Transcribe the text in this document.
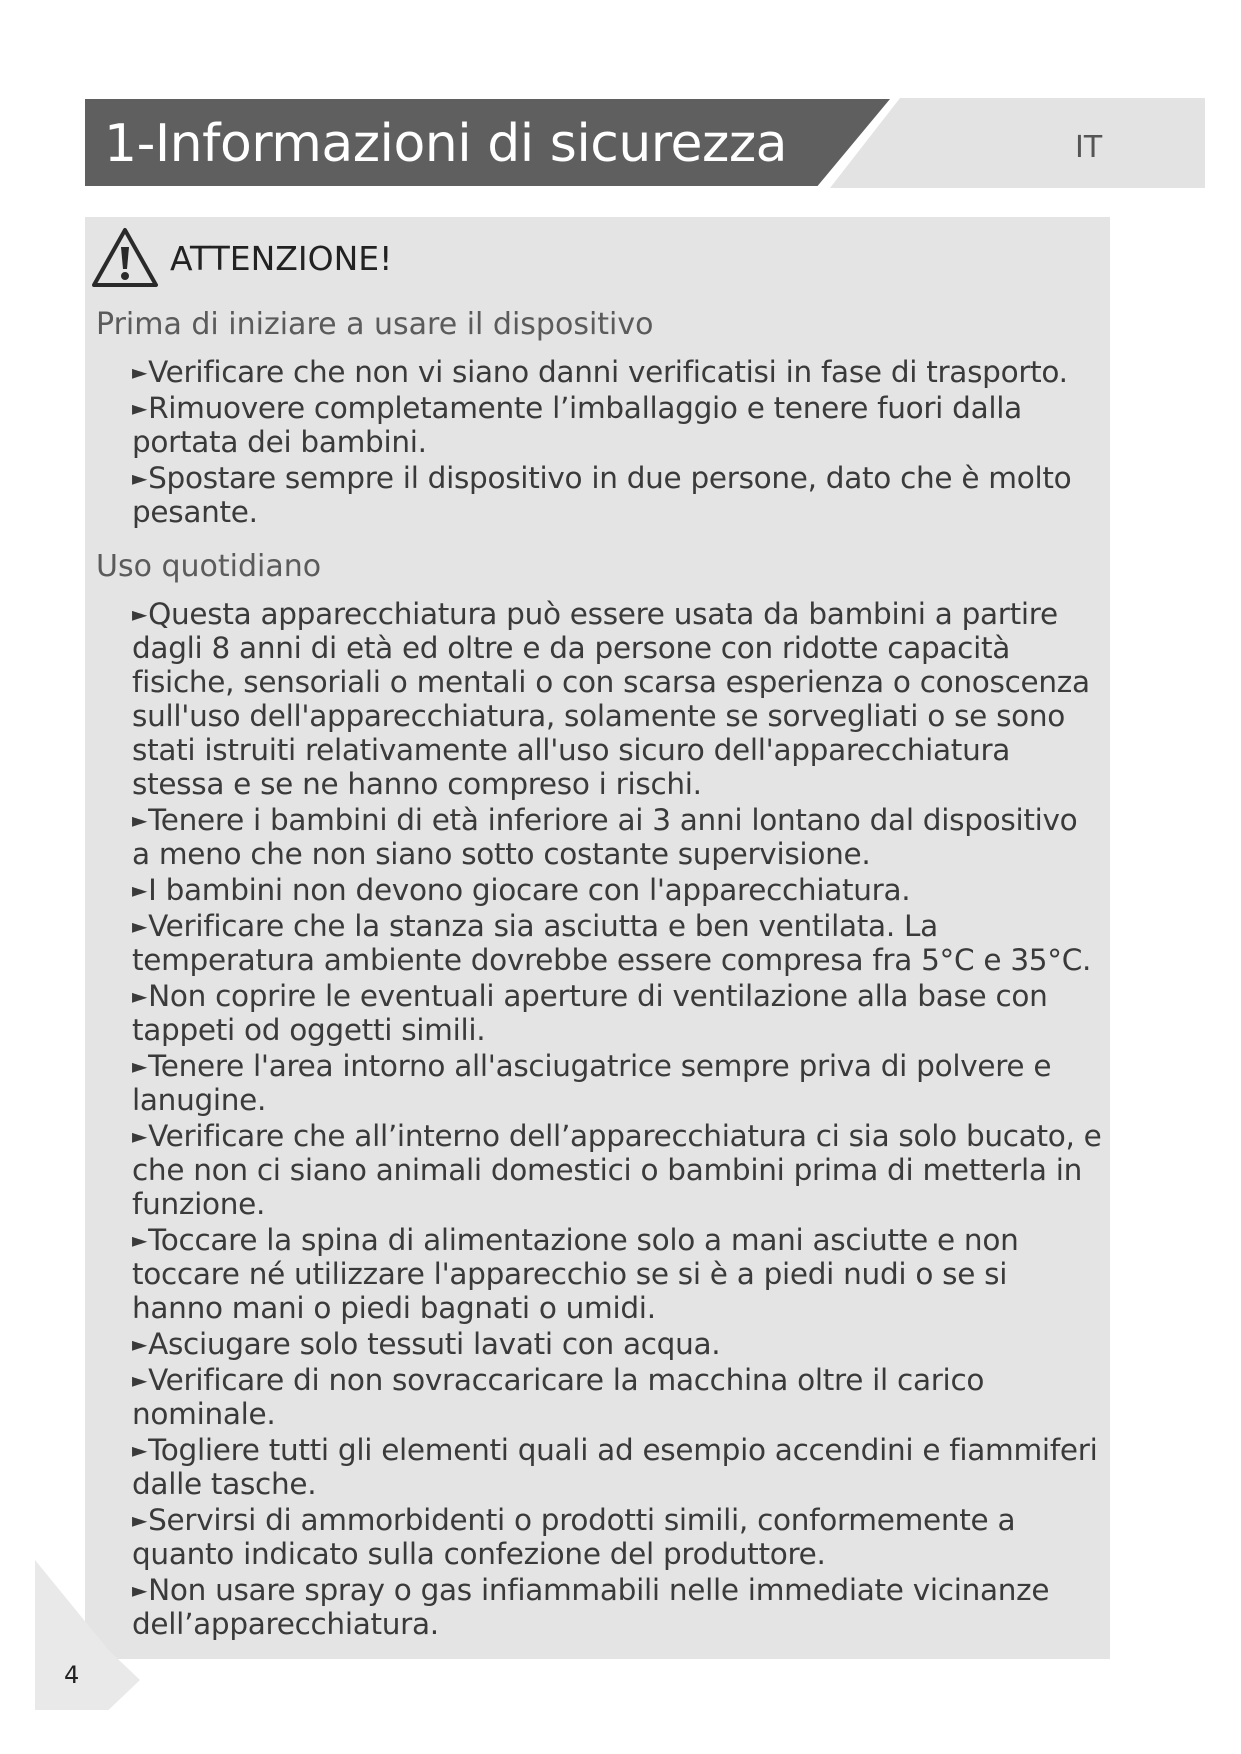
1-Informazioni di sicurezza	IT
ATTENZIONE!
Prima di iniziare a usare il dispositivo
►Verificare che non vi siano danni verificatisi in fase di trasporto.
►Rimuovere completamente l’imballaggio e tenere fuori dalla portata dei bambini.
►Spostare sempre il dispositivo in due persone, dato che è molto pesante.
Uso quotidiano
►Questa apparecchiatura può essere usata da bambini a partire dagli 8 anni di età ed oltre e da persone con ridotte capacità fisiche, sensoriali o mentali o con scarsa esperienza o conoscenza sull'uso dell'apparecchiatura, solamente se sorvegliati o se sono stati istruiti relativamente all'uso sicuro dell'apparecchiatura stessa e se ne hanno compreso i rischi.
►Tenere i bambini di età inferiore ai 3 anni lontano dal dispositivo a meno che non siano sotto costante supervisione.
►I bambini non devono giocare con l'apparecchiatura.
►Verificare che la stanza sia asciutta e ben ventilata. La temperatura ambiente dovrebbe essere compresa fra 5°C e 35°C.
►Non coprire le eventuali aperture di ventilazione alla base con tappeti od oggetti simili.
►Tenere l'area intorno all'asciugatrice sempre priva di polvere e lanugine.
►Verificare che all’interno dell’apparecchiatura ci sia solo bucato, e che non ci siano animali domestici o bambini prima di metterla in funzione.
►Toccare la spina di alimentazione solo a mani asciutte e non toccare né utilizzare l'apparecchio se si è a piedi nudi o se si hanno mani o piedi bagnati o umidi.
►Asciugare solo tessuti lavati con acqua.
►Verificare di non sovraccaricare la macchina oltre il carico nominale.
►Togliere tutti gli elementi quali ad esempio accendini e fiammiferi dalle tasche.
►Servirsi di ammorbidenti o prodotti simili, conformemente a quanto indicato sulla confezione del produttore.
►Non usare spray o gas infiammabili nelle immediate vicinanze dell’apparecchiatura.
4
